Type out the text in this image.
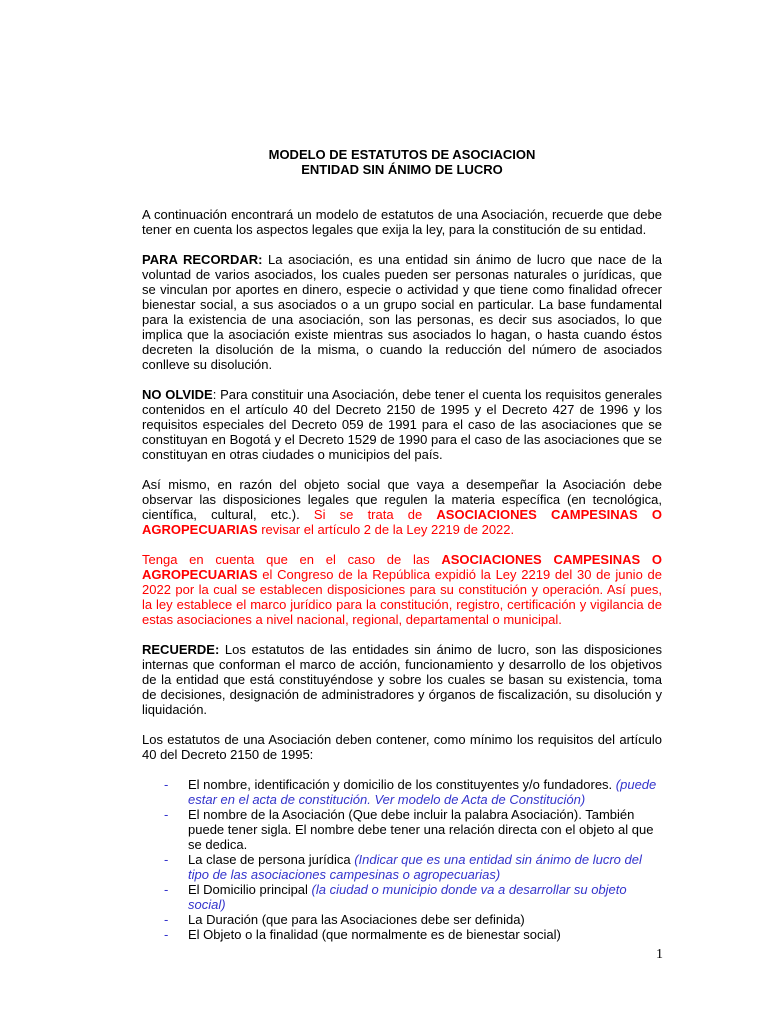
MODELO DE ESTATUTOS DE ASOCIACION

ENTIDAD SIN ÁNIMO DE LUCRO

A continuación encontrará un modelo de estatutos de una Asociación, recuerde que debe tener en cuenta los aspectos legales que exija la ley, para la constitución de su entidad.

PARA RECORDAR: La asociación, es una entidad sin ánimo de lucro que nace de la voluntad de varios asociados, los cuales pueden ser personas naturales o jurídicas, que se vinculan por aportes en dinero, especie o actividad y que tiene como finalidad ofrecer bienestar social, a sus asociados o a un grupo social en particular. La base fundamental para la existencia de una asociación, son las personas, es decir sus asociados, lo que implica que la asociación existe mientras sus asociados lo hagan, o hasta cuando éstos decreten la disolución de la misma, o cuando la reducción del número de asociados conlleve su disolución.

NO OLVIDE: Para constituir una Asociación, debe tener el cuenta los requisitos generales contenidos en el artículo 40 del Decreto 2150 de 1995 y el Decreto 427 de 1996 y los requisitos especiales del Decreto 059 de 1991 para el caso de las asociaciones que se constituyan en Bogotá y el Decreto 1529 de 1990 para el caso de las asociaciones que se constituyan en otras ciudades o municipios del país.

Así mismo, en razón del objeto social que vaya a desempeñar la Asociación debe observar las disposiciones legales que regulen la materia específica (en tecnológica, científica, cultural, etc.). Si se trata de ASOCIACIONES CAMPESINAS O AGROPECUARIAS revisar el artículo 2 de la Ley 2219 de 2022.

Tenga en cuenta que en el caso de las ASOCIACIONES CAMPESINAS O AGROPECUARIAS el Congreso de la República expidió la Ley 2219 del 30 de junio de 2022 por la cual se establecen disposiciones para su constitución y operación. Así pues, la ley establece el marco jurídico para la constitución, registro, certificación y vigilancia de estas asociaciones a nivel nacional, regional, departamental o municipal.

RECUERDE: Los estatutos de las entidades sin ánimo de lucro, son las disposiciones internas que conforman el marco de acción, funcionamiento y desarrollo de los objetivos de la entidad que está constituyéndose y sobre los cuales se basan su existencia, toma de decisiones, designación de administradores y órganos de fiscalización, su disolución y liquidación.

Los estatutos de una Asociación deben contener, como mínimo los requisitos del artículo 40 del Decreto 2150 de 1995:

- El nombre, identificación y domicilio de los constituyentes y/o fundadores. (puede estar en el acta de constitución. Ver modelo de Acta de Constitución)
- El nombre de la Asociación (Que debe incluir la palabra Asociación). También puede tener sigla. El nombre debe tener una relación directa con el objeto al que se dedica.
- La clase de persona jurídica (Indicar que es una entidad sin ánimo de lucro del tipo de las asociaciones campesinas o agropecuarias)
- El Domicilio principal (la ciudad o municipio donde va a desarrollar su objeto social)
- La Duración (que para las Asociaciones debe ser definida)
- El Objeto o la finalidad (que normalmente es de bienestar social)
1
